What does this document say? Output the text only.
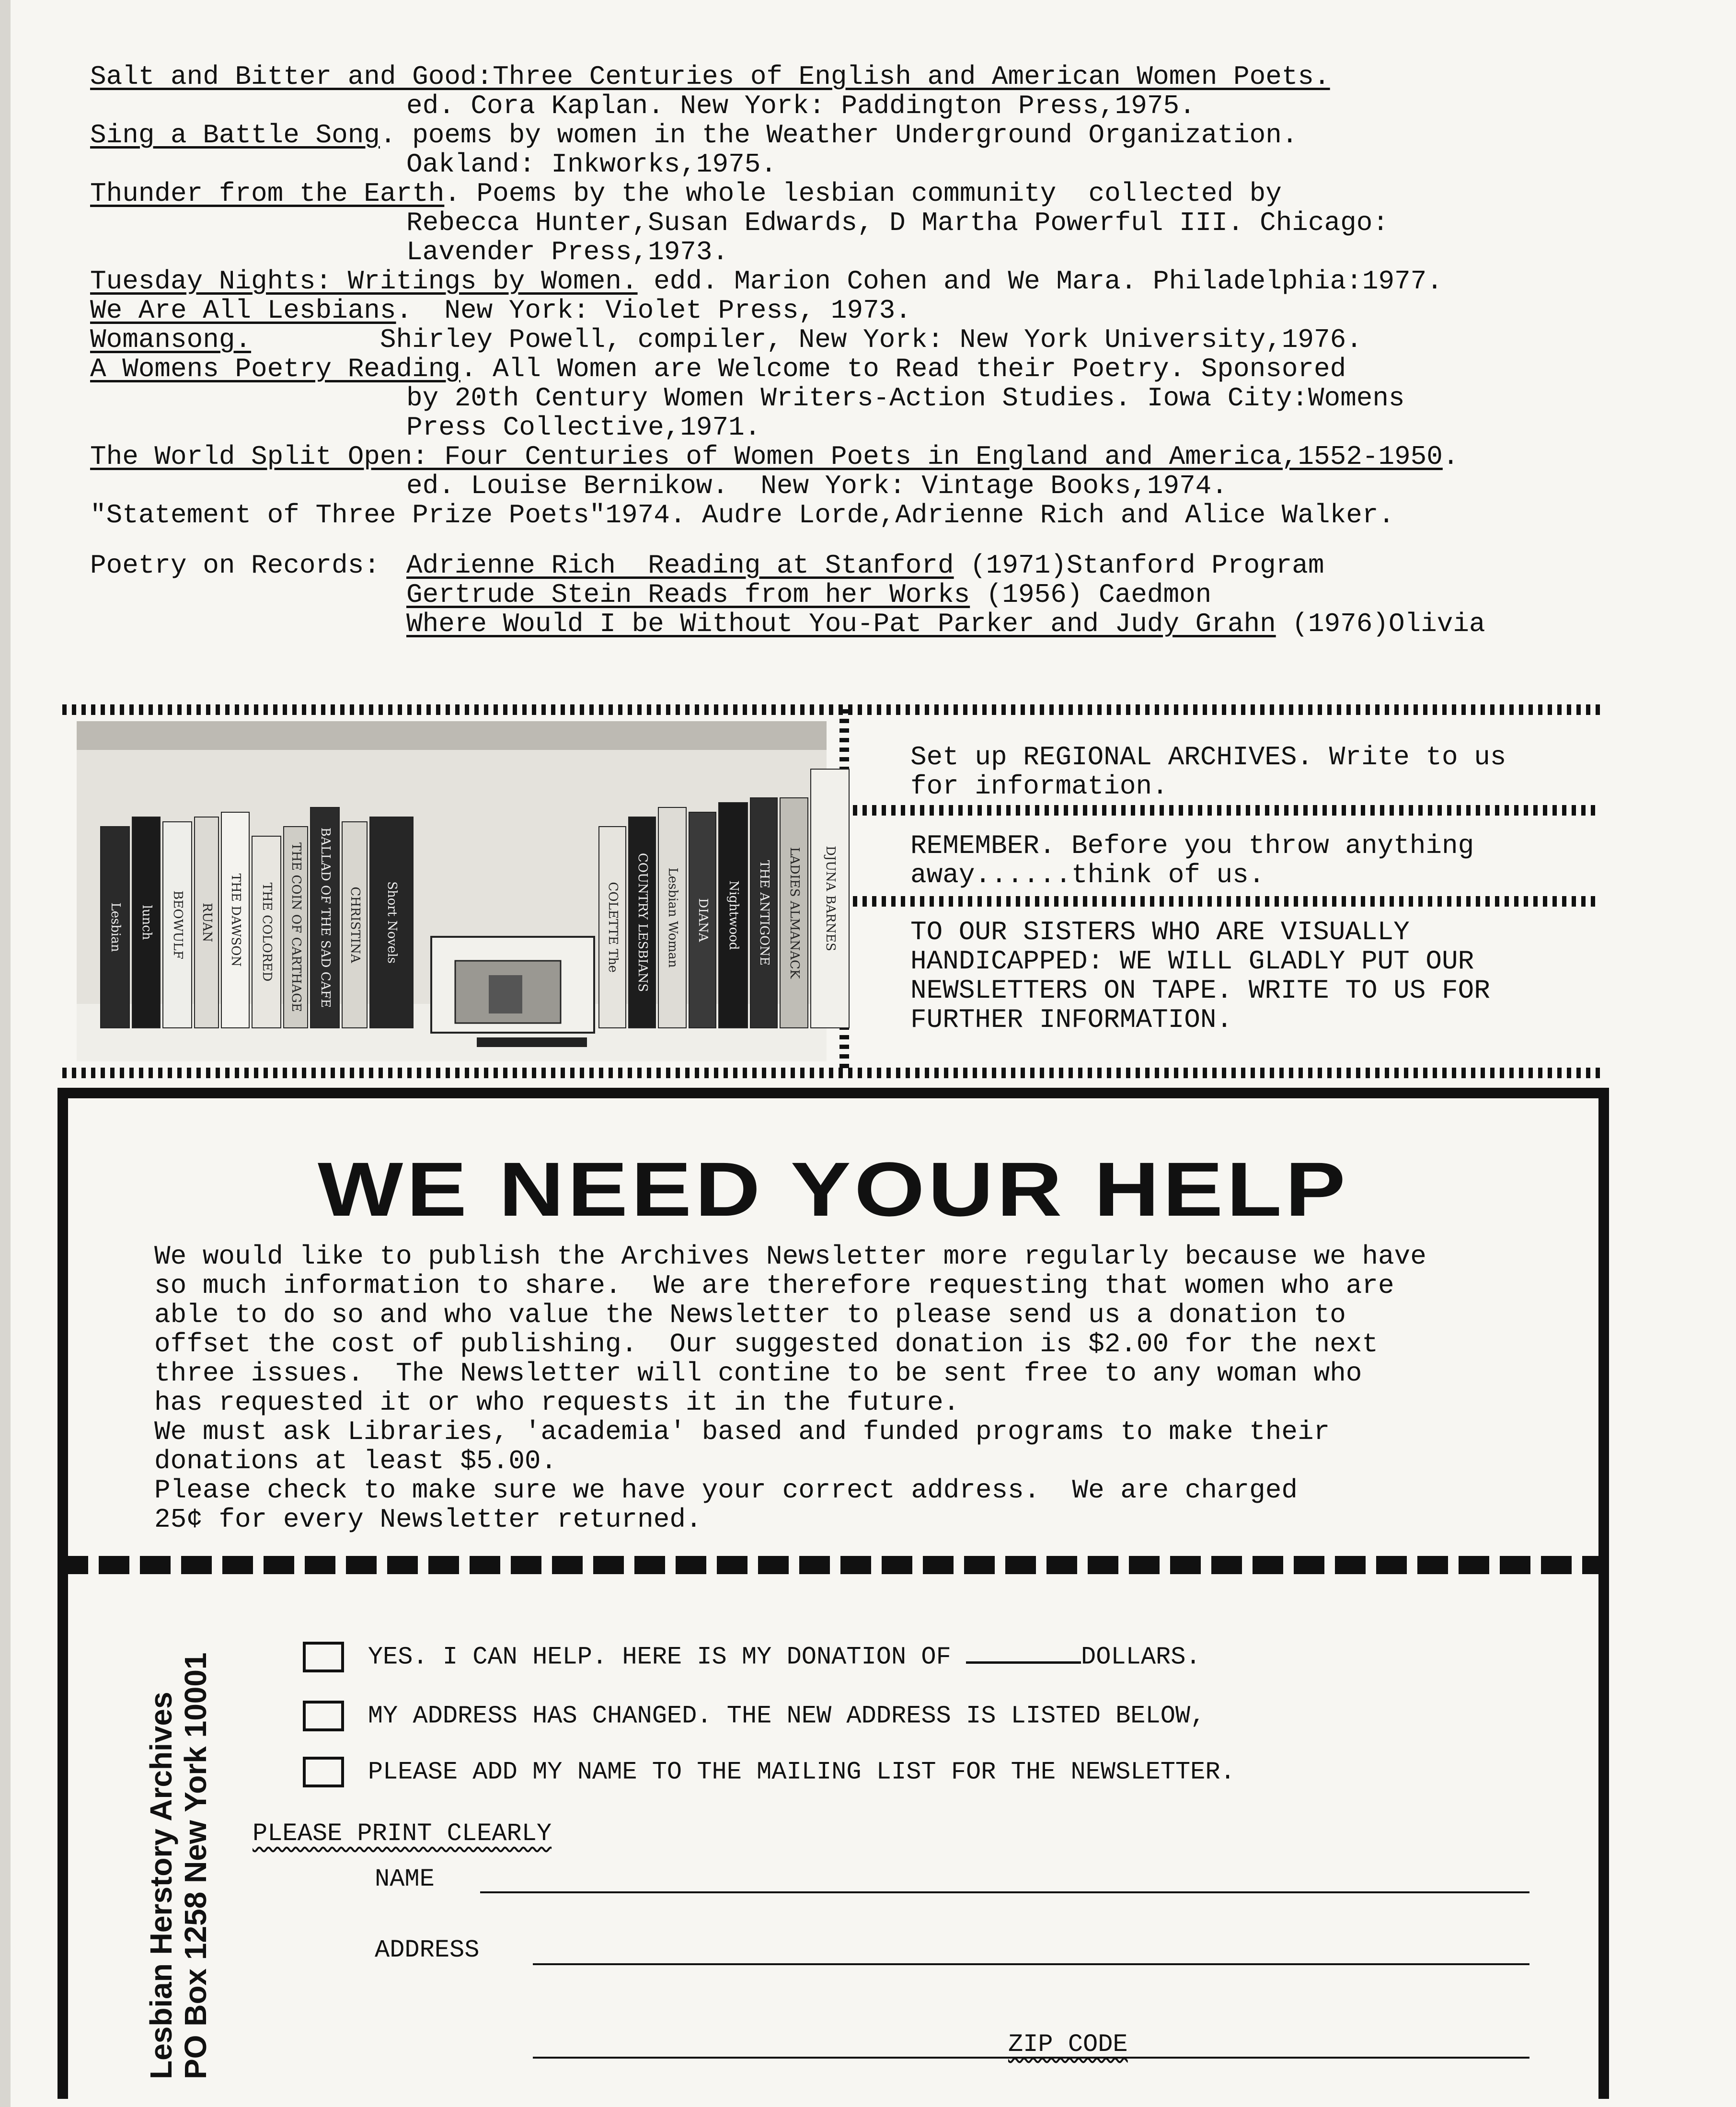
Salt and Bitter and Good:Three Centuries of English and American Women Poets.
ed. Cora Kaplan. New York: Paddington Press,1975.
Sing a Battle Song. poems by women in the Weather Underground Organization.
Oakland: Inkworks,1975.
Thunder from the Earth. Poems by the whole lesbian community  collected by
Rebecca Hunter,Susan Edwards, D Martha Powerful III. Chicago:
Lavender Press,1973.
Tuesday Nights: Writings by Women. edd. Marion Cohen and We Mara. Philadelphia:1977.
We Are All Lesbians.  New York: Violet Press, 1973.
Womansong.        Shirley Powell, compiler, New York: New York University,1976.
A Womens Poetry Reading. All Women are Welcome to Read their Poetry. Sponsored
by 20th Century Women Writers-Action Studies. Iowa City:Womens
Press Collective,1971.
The World Split Open: Four Centuries of Women Poets in England and America,1552-1950.
ed. Louise Bernikow.  New York: Vintage Books,1974.
"Statement of Three Prize Poets"1974. Audre Lorde,Adrienne Rich and Alice Walker.
Poetry on Records: Adrienne Rich  Reading at Stanford (1971)Stanford Program
Gertrude Stein Reads from her Works (1956) Caedmon
Where Would I be Without You-Pat Parker and Judy Grahn (1976)Olivia
Lesbian lunch BEOWULF RUAN THE DAWSON THE COLORED THE COIN OF CARTHAGE BALLAD OF THE SAD CAFE CHRISTINA Short Novels	COLETTE The COUNTRY LESBIANS Lesbian Woman DIANA Nightwood THE ANTIGONE LADIES ALMANACK DJUNA BARNES
Set up REGIONAL ARCHIVES. Write to us
for information.
REMEMBER. Before you throw anything
away......think of us.
TO OUR SISTERS WHO ARE VISUALLY
HANDICAPPED: WE WILL GLADLY PUT OUR
NEWSLETTERS ON TAPE. WRITE TO US FOR
FURTHER INFORMATION.
WE NEED YOUR HELP
We would like to publish the Archives Newsletter more regularly because we have
so much information to share.  We are therefore requesting that women who are
able to do so and who value the Newsletter to please send us a donation to
offset the cost of publishing.  Our suggested donation is $2.00 for the next
three issues.  The Newsletter will contine to be sent free to any woman who
has requested it or who requests it in the future.
We must ask Libraries, 'academia' based and funded programs to make their
donations at least $5.00.
Please check to make sure we have your correct address.  We are charged
25¢ for every Newsletter returned.
Lesbian Herstory Archives PO Box 1258 New York 10001	YES. I CAN HELP. HERE IS MY DONATION OF	DOLLARS.

MY ADDRESS HAS CHANGED. THE NEW ADDRESS IS LISTED BELOW,

PLEASE ADD MY NAME TO THE MAILING LIST FOR THE NEWSLETTER.

PLEASE PRINT CLEARLY
NAME
ADDRESS
ZIP CODE
